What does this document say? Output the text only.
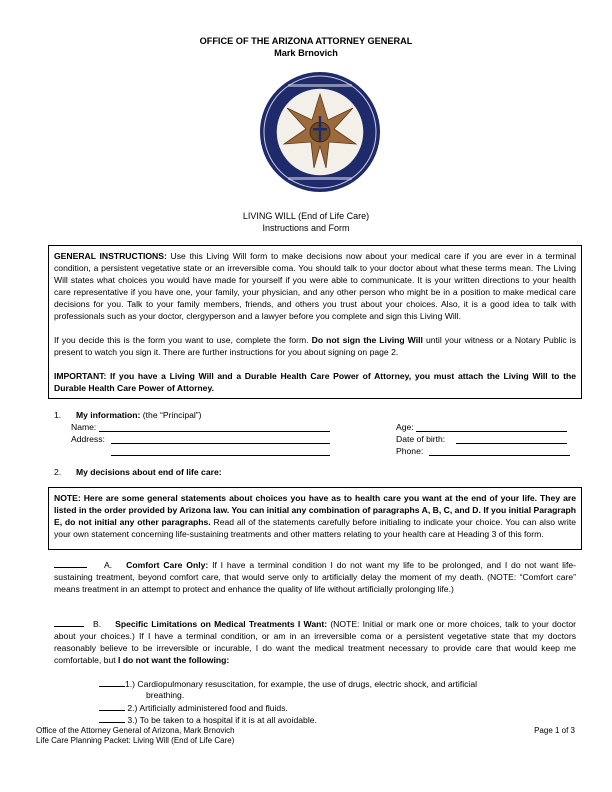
OFFICE OF THE ARIZONA ATTORNEY GENERAL
Mark Brnovich
LIVING WILL (End of Life Care)
Instructions and Form

GENERAL INSTRUCTIONS: Use this Living Will form to make decisions now about your medical care if you are ever in a terminal condition, a persistent vegetative state or an irreversible coma. You should talk to your doctor about what these terms mean. The Living Will states what choices you would have made for yourself if you were able to communicate. It is your written directions to your health care representative if you have one, your family, your physician, and any other person who might be in a position to make medical care decisions for you. Talk to your family members, friends, and others you trust about your choices. Also, it is a good idea to talk with professionals such as your doctor, clergyperson and a lawyer before you complete and sign this Living Will.

If you decide this is the form you want to use, complete the form. Do not sign the Living Will until your witness or a Notary Public is present to watch you sign it. There are further instructions for you about signing on page 2.

IMPORTANT: If you have a Living Will and a Durable Health Care Power of Attorney, you must attach the Living Will to the Durable Health Care Power of Attorney.

1. My information: (the “Principal”)
Name:
Address:
Age:
Date of birth:
Phone:
2. My decisions about end of life care:
NOTE: Here are some general statements about choices you have as to health care you want at the end of your life. They are listed in the order provided by Arizona law. You can initial any combination of paragraphs A, B, C, and D. If you initial Paragraph E, do not initial any other paragraphs. Read all of the statements carefully before initialing to indicate your choice. You can also write your own statement concerning life-sustaining treatments and other matters relating to your health care at Heading 3 of this form.
A. Comfort Care Only: If I have a terminal condition I do not want my life to be prolonged, and I do not want life- sustaining treatment, beyond comfort care, that would serve only to artificially delay the moment of my death. (NOTE: “Comfort care” means treatment in an attempt to protect and enhance the quality of life without artificially prolonging life.)
B. Specific Limitations on Medical Treatments I Want: (NOTE: Initial or mark one or more choices, talk to your doctor about your choices.) If I have a terminal condition, or am in an irreversible coma or a persistent vegetative state that my doctors reasonably believe to be irreversible or incurable, I do want the medical treatment necessary to provide care that would keep me comfortable, but I do not want the following:
1.) Cardiopulmonary resuscitation, for example, the use of drugs, electric shock, and artificial
breathing.
2.) Artificially administered food and fluids.
3.) To be taken to a hospital if it is at all avoidable.
Office of the Attorney General of Arizona, Mark Brnovich
Life Care Planning Packet: Living Will (End of Life Care)
Page 1 of 3
